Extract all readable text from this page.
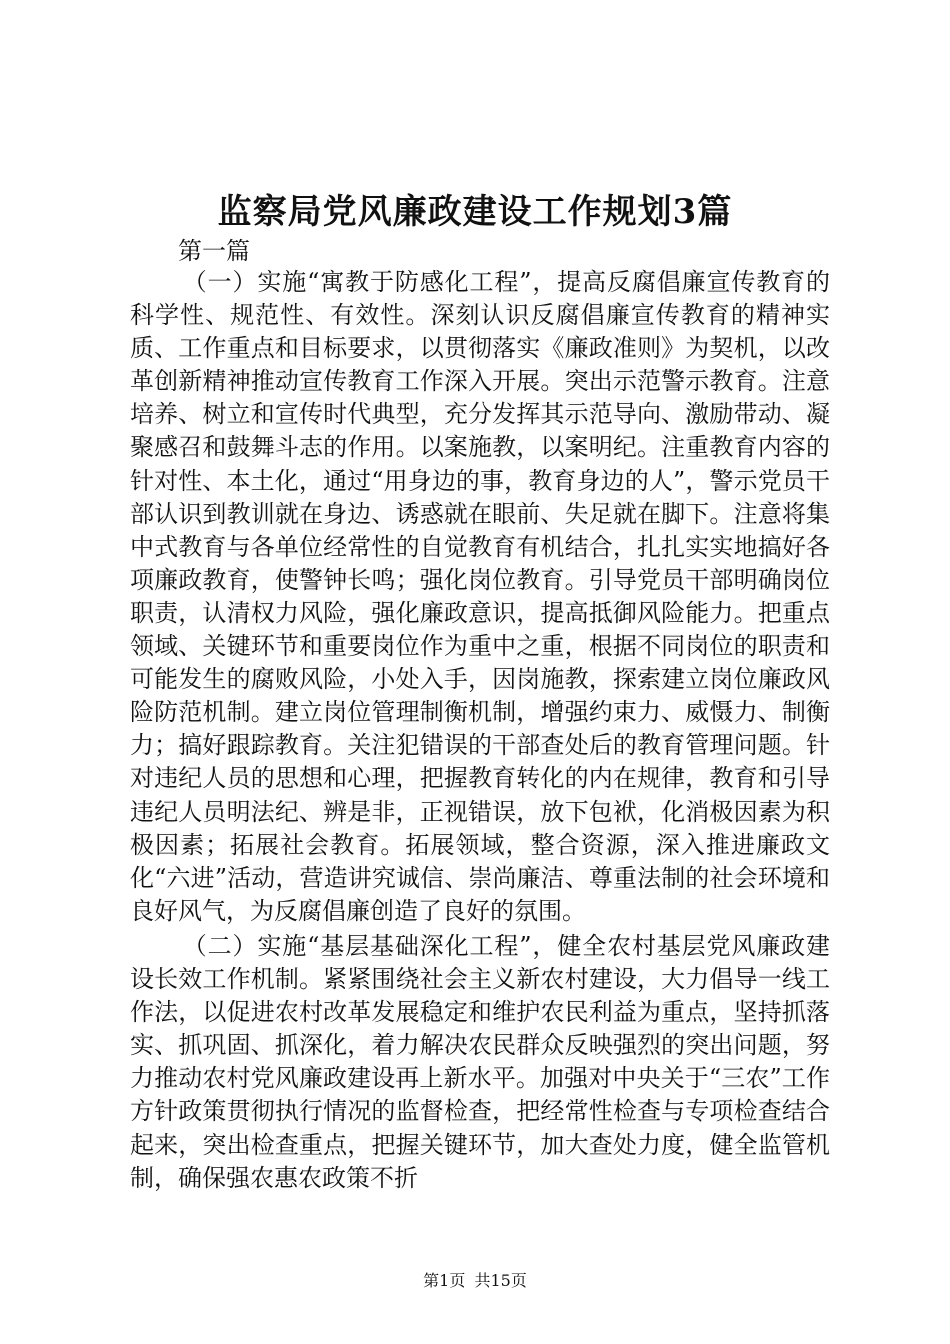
监察局党风廉政建设工作规划3篇
第一篇

（一）实施“寓教于防感化工程”，提高反腐倡廉宣传教育的科学性、规范性、有效性。深刻认识反腐倡廉宣传教育的精神实质、工作重点和目标要求，以贯彻落实《廉政准则》为契机，以改革创新精神推动宣传教育工作深入开展。突出示范警示教育。注意培养、树立和宣传时代典型，充分发挥其示范导向、激励带动、凝聚感召和鼓舞斗志的作用。以案施教，以案明纪。注重教育内容的针对性、本土化，通过“用身边的事，教育身边的人”，警示党员干部认识到教训就在身边、诱惑就在眼前、失足就在脚下。注意将集中式教育与各单位经常性的自觉教育有机结合，扎扎实实地搞好各项廉政教育，使警钟长鸣；强化岗位教育。引导党员干部明确岗位职责，认清权力风险，强化廉政意识，提高抵御风险能力。把重点领域、关键环节和重要岗位作为重中之重，根据不同岗位的职责和可能发生的腐败风险，小处入手，因岗施教，探索建立岗位廉政风险防范机制。建立岗位管理制衡机制，增强约束力、威慑力、制衡力；搞好跟踪教育。关注犯错误的干部查处后的教育管理问题。针对违纪人员的思想和心理，把握教育转化的内在规律，教育和引导违纪人员明法纪、辨是非，正视错误，放下包袱，化消极因素为积极因素；拓展社会教育。拓展领域，整合资源，深入推进廉政文化“六进”活动，营造讲究诚信、崇尚廉洁、尊重法制的社会环境和良好风气，为反腐倡廉创造了良好的氛围。

（二）实施“基层基础深化工程”，健全农村基层党风廉政建设长效工作机制。紧紧围绕社会主义新农村建设，大力倡导一线工作法，以促进农村改革发展稳定和维护农民利益为重点，坚持抓落实、抓巩固、抓深化，着力解决农民群众反映强烈的突出问题，努力推动农村党风廉政建设再上新水平。加强对中央关于“三农”工作方针政策贯彻执行情况的监督检查，把经常性检查与专项检查结合起来，突出检查重点，把握关键环节，加大查处力度，健全监管机制，确保强农惠农政策不折

第1页 共15页
